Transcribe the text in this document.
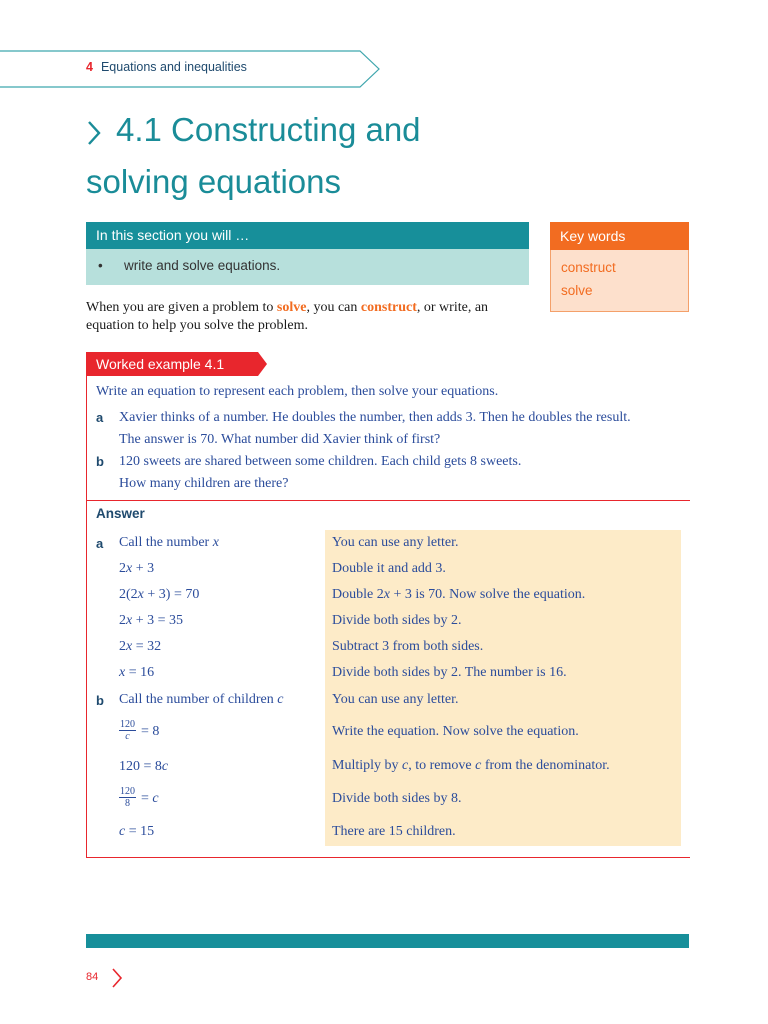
4 Equations and inequalities
4.1 Constructing and
solving equations
In this section you will …
• write and solve equations.
Key words
construct
solve

When you are given a problem to solve, you can construct, or write, an equation to help you solve the problem.

Worked example 4.1
Write an equation to represent each problem, then solve your equations.
a Xavier thinks of a number. He doubles the number, then adds 3. Then he doubles the result.
The answer is 70. What number did Xavier think of first?
b 120 sweets are shared between some children. Each child gets 8 sweets.
How many children are there?
Answer
a Call the number x	You can use any letter.
2x + 3	Double it and add 3.
2(2x + 3) = 70	Double 2x + 3 is 70. Now solve the equation.
2x + 3 = 35	Divide both sides by 2.
2x = 32	Subtract 3 from both sides.
x = 16	Divide both sides by 2. The number is 16.
b Call the number of children c	You can use any letter.
$\frac{120}{c} = 8$	Write the equation. Now solve the equation.
120 = 8c	Multiply by c, to remove c from the denominator.
$\frac{120}{8} = c$	Divide both sides by 8.
c = 15	There are 15 children.
84
